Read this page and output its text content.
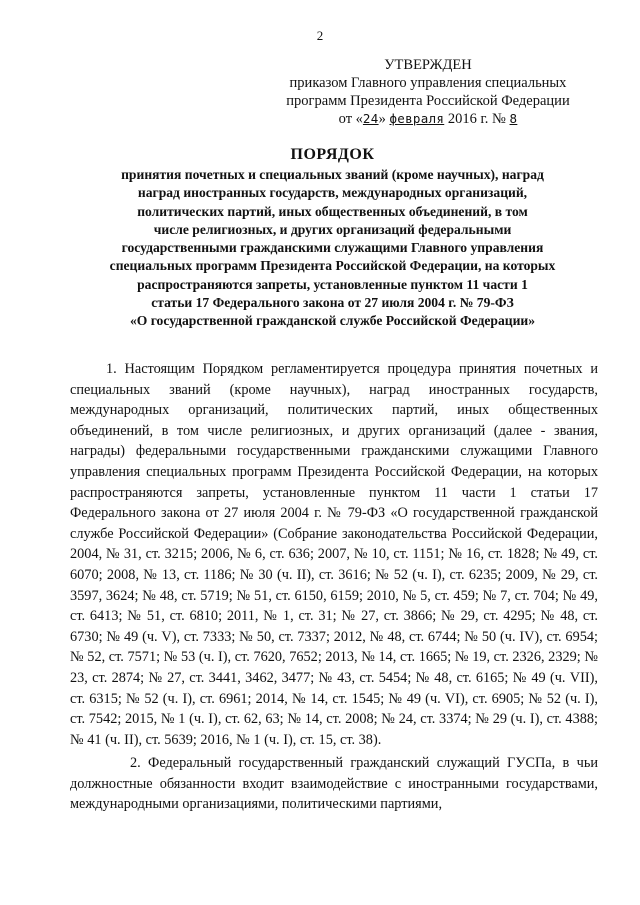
2
УТВЕРЖДЕН
приказом Главного управления специальных
программ Президента Российской Федерации
от «24» февраля 2016 г. № 8
ПОРЯДОК
принятия почетных и специальных званий (кроме научных), наград
наград иностранных государств, международных организаций,
политических партий, иных общественных объединений, в том
числе религиозных, и других организаций федеральными
государственными гражданскими служащими Главного управления
специальных программ Президента Российской Федерации, на которых
распространяются запреты, установленные пунктом 11 части 1
статьи 17 Федерального закона от 27 июля 2004 г. № 79-ФЗ
«О государственной гражданской службе Российской Федерации»

1. Настоящим Порядком регламентируется процедура принятия почетных и специальных званий (кроме научных), наград иностранных государств, международных организаций, политических партий, иных общественных объединений, в том числе религиозных, и других организаций (далее - звания, награды) федеральными государственными гражданскими служащими Главного управления специальных программ Президента Российской Федерации, на которых распространяются запреты, установленные пунктом 11 части 1 статьи 17 Федерального закона от 27 июля 2004 г. № 79-ФЗ «О государственной гражданской службе Российской Федерации» (Собрание законодательства Российской Федерации, 2004, № 31, ст. 3215; 2006, № 6, ст. 636; 2007, № 10, ст. 1151; № 16, ст. 1828; № 49, ст. 6070; 2008, № 13, ст. 1186; № 30 (ч. II), ст. 3616; № 52 (ч. I), ст. 6235; 2009, № 29, ст. 3597, 3624; № 48, ст. 5719; № 51, ст. 6150, 6159; 2010, № 5, ст. 459; № 7, ст. 704; № 49, ст. 6413; № 51, ст. 6810; 2011, № 1, ст. 31; № 27, ст. 3866; № 29, ст. 4295; № 48, ст. 6730; № 49 (ч. V), ст. 7333; № 50, ст. 7337; 2012, № 48, ст. 6744; № 50 (ч. IV), ст. 6954; № 52, ст. 7571; № 53 (ч. I), ст. 7620, 7652; 2013, № 14, ст. 1665; № 19, ст. 2326, 2329; № 23, ст. 2874; № 27, ст. 3441, 3462, 3477; № 43, ст. 5454; № 48, ст. 6165; № 49 (ч. VII), ст. 6315; № 52 (ч. I), ст. 6961; 2014, № 14, ст. 1545; № 49 (ч. VI), ст. 6905; № 52 (ч. I), ст. 7542; 2015, № 1 (ч. I), ст. 62, 63; № 14, ст. 2008; № 24, ст. 3374; № 29 (ч. I), ст. 4388; № 41 (ч. II), ст. 5639; 2016, № 1 (ч. I), ст. 15, ст. 38).

2. Федеральный государственный гражданский служащий ГУСПа, в чьи должностные обязанности входит взаимодействие с иностранными государствами, международными организациями, политическими партиями,
